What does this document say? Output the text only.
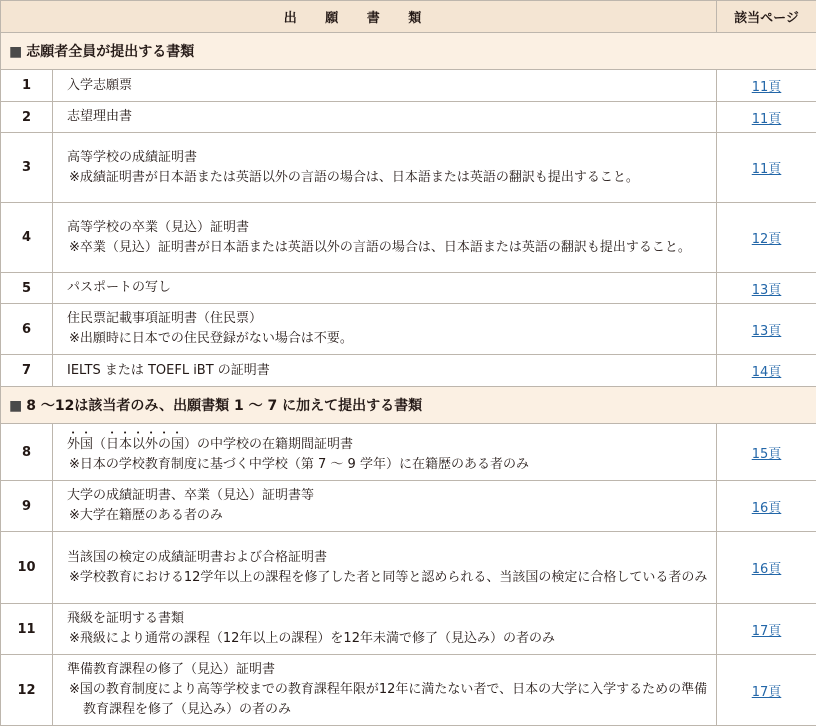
出 願 書 類		該当ページ
■ 志願者全員が提出する書類		
1	入学志願票	11頁
2	志望理由書	11頁
3	高等学校の成績証明書
※成績証明書が日本語または英語以外の言語の場合は、日本語または英語の翻訳も提出すること。	11頁
4	高等学校の卒業（見込）証明書
※卒業（見込）証明書が日本語または英語以外の言語の場合は、日本語または英語の翻訳も提出すること。	12頁
5	パスポートの写し	13頁
6	住民票記載事項証明書（住民票）
※出願時に日本での住民登録がない場合は不要。	13頁
7	IELTS または TOEFL iBT の証明書	14頁
■ 8 〜12は該当者のみ、出願書類 1 〜 7 に加えて提出する書類		
8	外国（日本以外の国）の中学校の在籍期間証明書
※日本の学校教育制度に基づく中学校（第 7 〜 9 学年）に在籍歴のある者のみ	15頁
9	大学の成績証明書、卒業（見込）証明書等
※大学在籍歴のある者のみ	16頁
10	当該国の検定の成績証明書および合格証明書
※学校教育における12学年以上の課程を修了した者と同等と認められる、当該国の検定に合格している者のみ	16頁
11	飛級を証明する書類
※飛級により通常の課程（12年以上の課程）を12年未満で修了（見込み）の者のみ	17頁
12	準備教育課程の修了（見込）証明書
※国の教育制度により高等学校までの教育課程年限が12年に満たない者で、日本の大学に入学するための準備教育課程を修了（見込み）の者のみ	17頁
